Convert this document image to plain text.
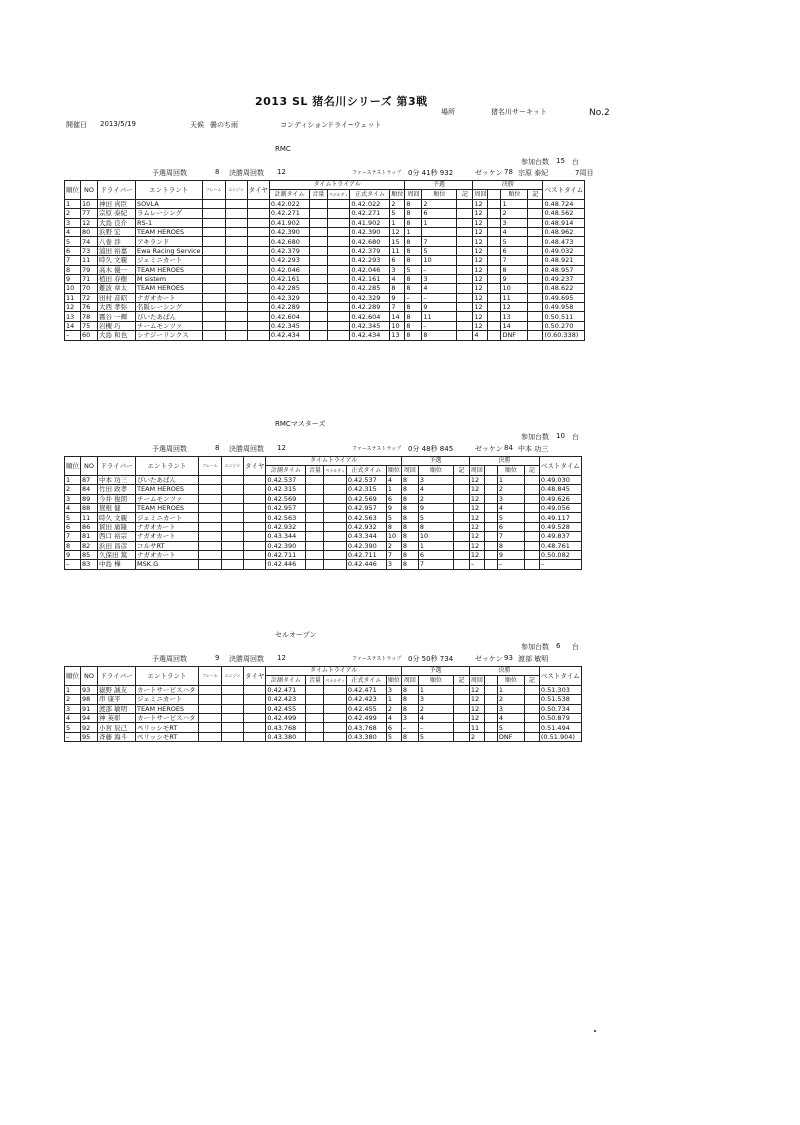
2013 SL 猪名川シリーズ 第3戦
場所	猪名川サーキット	No.2
開催日 2013/5/19	天候 曇のち雨	コンディション
ドライ~ウェット
RMC
参加台数 15 台
予選周回数	8 決勝周回数 12	ファーステストラップ 0分 41秒 932	ゼッケン 78 宗原 泰紀	7周目
順位	NO	ドライバー	エントラント	フレーム	エンジン	タイヤ	タイムトライアル					予選			決勝				ベストタイム
							計測タイム	音量	ペナルティ	正式タイム	順位	周回	順位	記	周回		順位	記	
1	10	神田 真臣	SOVLA				0.42.022			0.42.022	2	8	2		12		1		0.48.724
2	77	宗原 泰紀	ラムレーシング				0.42.271			0.42.271	5	8	6		12		2		0.48.562
3	12	大島 良介	RS-1				0.41.902			0.41.902	1	8	1		12		3		0.48.914
4	80	浜野 宏	TEAM HEROES				0.42.390			0.42.390	12	1			12		4		0.48.962
5	74	八巻 渉	アキランド				0.42.680			0.42.680	15	8	7		12		5		0.48.473
6	73	浦田 裕嘉	Ewa Racing Service				0.42.379			0.42.379	11	8	5		12		6		0.49.032
7	11	時久 文親	ジェミニカート				0.42.293			0.42.293	6	8	10		12		7		0.48.921
8	79	高木 優一	TEAM HEROES				0.42.046			0.42.046	3	5	–		12		8		0.48.957
9	71	植田 春樹	M sistem				0.42.161			0.42.161	4	8	3		12		9		0.49.237
10	70	難波 章太	TEAM HEROES				0.42.285			0.42.285	8	8	4		12		10		0.48.622
11	72	田村 音昭	ナガオカート				0.42.329			0.42.329	9	–	–		12		11		0.49.695
12	76	大西 孝弥	名阪レーシング				0.42.289			0.42.289	7	8	9		12		12		0.49.958
13	78	霧谷 一輝	ぴいたあぱん				0.42.604			0.42.604	14	8	11		12		13		0.50.511
14	75	岩槻 巧	チームモンツァ				0.42.345			0.42.345	10	8	–		12		14		0.50.270
–	60	大島 和也	シナジーリンクス				0.42.434			0.42.434	13	8	8		4		DNF		(0.60.338)
RMCマスターズ
参加台数 10 台
予選周回数	8 決勝周回数 12	ファーステストラップ 0分 48秒 845	ゼッケン 84 中本 功三
順位	NO	ドライバー	エントラント	フレーム	エンジン	タイヤ	タイムトライアル					予選			決勝				ベストタイム
							計測タイム	音量	ペナルティ	正式タイム	順位	周回	順位	記	周回		順位	記	
1	87	中本 功三	ぴいたあぱん				0.42.537			0.42.537	4	8	3		12		1		0.49.030
2	84	竹田 政孝	TEAM HEROES				0.42.315			0.42.315	1	8	4		12		2		0.48.845
3	89	今井 俊朗	チームモンツァ				0.42.569			0.42.569	6	8	2		12		3		0.49.626
4	88	賀根 健	TEAM HEROES				0.42.957			0.42.957	9	8	9		12		4		0.49.056
5	11	時久 文親	ジェミニカート				0.42.563			0.42.563	5	8	5		12		5		0.49.117
6	86	貿田 廣隆	ナガオカート				0.42.932			0.42.932	8	8	8		12		6		0.49.528
7	81	西口 裕宗	ナガオカート				0.43.344			0.43.344	10	8	10		12		7		0.49.837
8	82	浜田 昌彦	コルサRT				0.42.390			0.42.390	2	8	1		12		8		0.48.761
9	85	久保田 篤	ナガオカート				0.42.711			0.42.711	7	8	6		12		9		0.50.082
–	83	中島 樺	MSK.G				0.42.446			0.42.446	3	8	7		–		–		–
セルオープン
参加台数 6 台
予選周回数	9 決勝周回数 12	ファーステストラップ 0分 50秒 734	ゼッケン 93 渡部 敏明
順位	NO	ドライバー	エントラント	フレーム	エンジン	タイヤ	タイムトライアル					予選			決勝				ベストタイム
							計測タイム	音量	ペナルティ	正式タイム	順位	周回	順位	記	周回		順位	記	
1	93	嶽野 誠友	カートサービスハタ				0.42.471			0.42.471	3	8	1		12		1		0.51.303
2	98	串 康平	ジェミニカート				0.42.423			0.42.423	1	8	3		12		2		0.51.538
3	91	渡部 敏明	TEAM HEROES				0.42.455			0.42.455	2	8	2		12		3		0.50.734
4	94	神 英彰	カートサービスハタ				0.42.499			0.42.499	4	3	4		12		4		0.50.879
5	92	小宮 辰己	ペリッシモRT				0.43.768			0.43.768	6	–	–		11		5		0.51.494
–	95	斉藤 海斗	ペリッシモRT				0.43.380			0.43.380	5	8	5		2		DNF		(0.51.904)
